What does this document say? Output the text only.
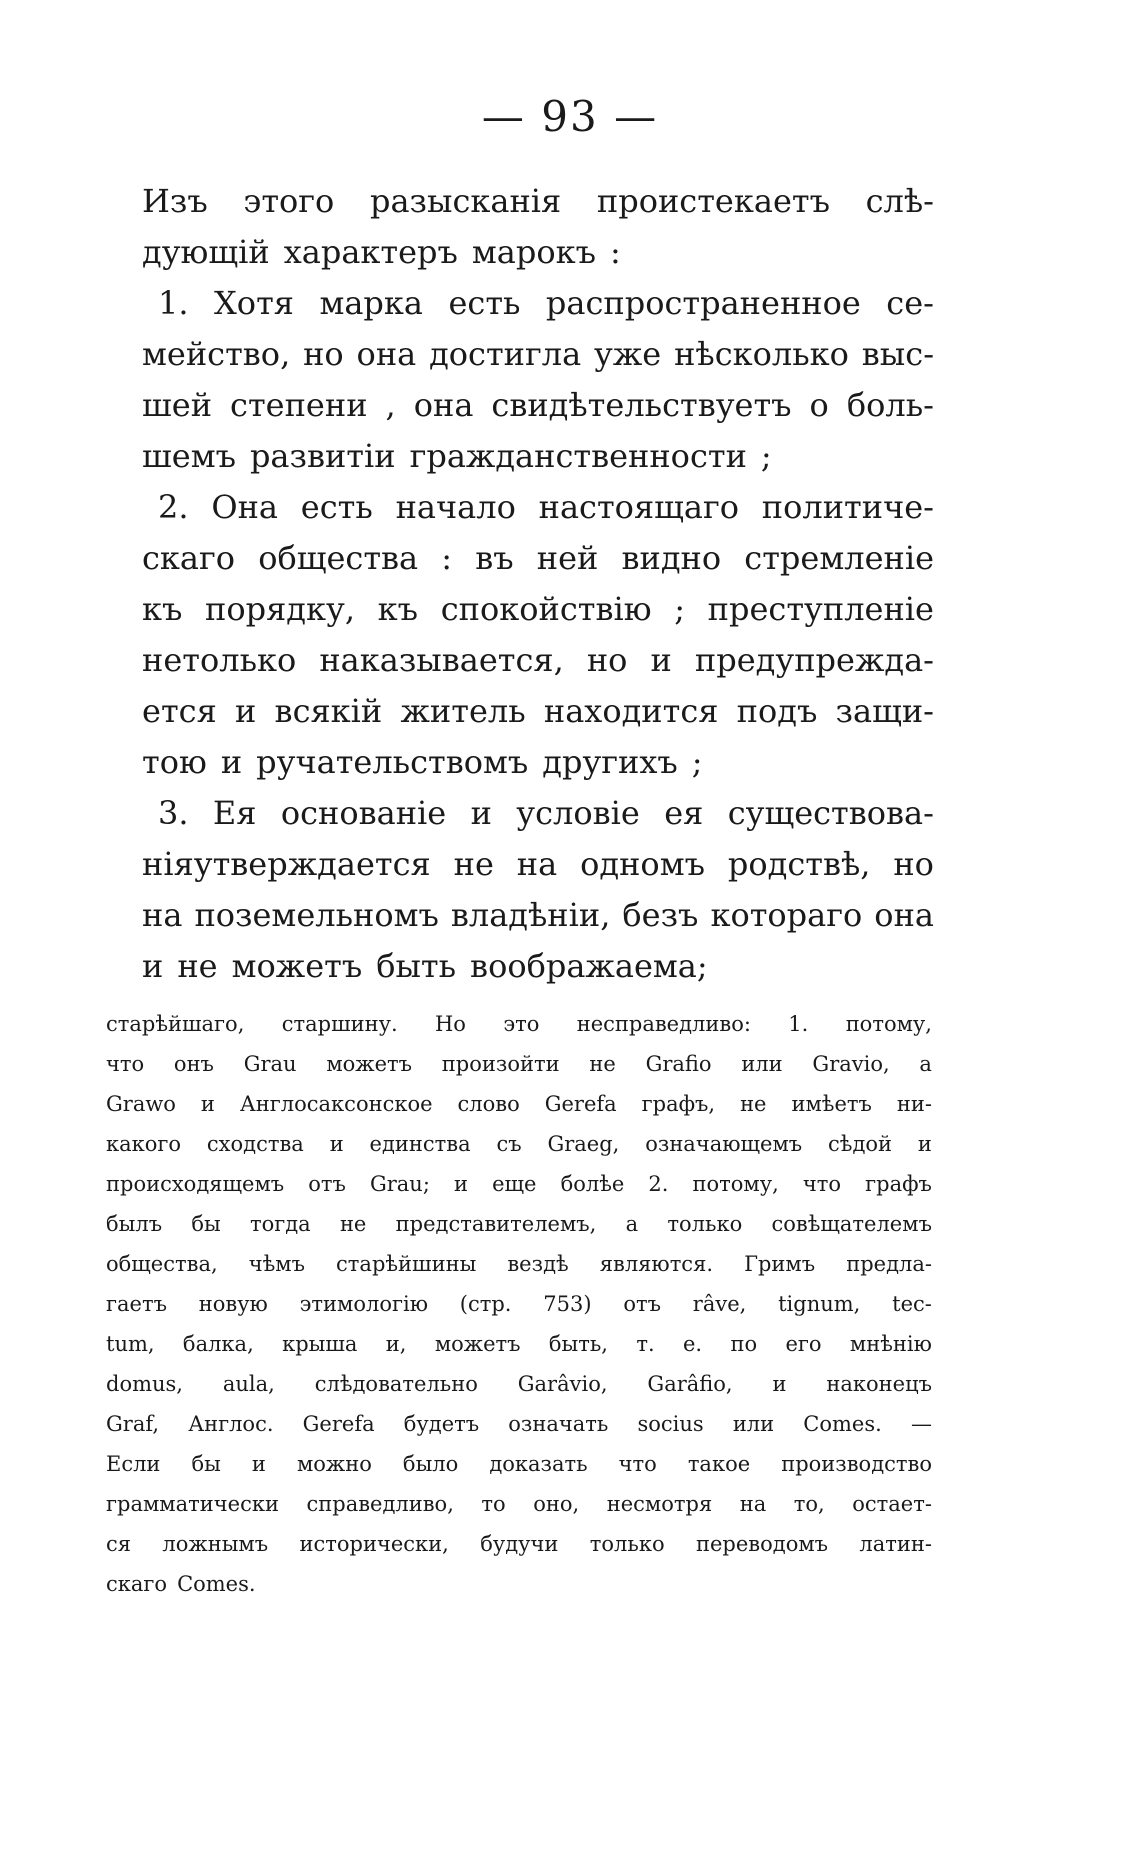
— 93 —
Изъ этого разысканія проистекаетъ слѣ-
дующій характеръ марокъ :
1. Хотя марка есть распространенное се-
мейство, но она достигла уже нѣсколько выс-
шей степени , она свидѣтельствуетъ о боль-
шемъ развитіи гражданственности ;
2. Она есть начало настоящаго политиче-
скаго общества : въ ней видно стремленіе
къ порядку, къ спокойствію ; преступленіе
нетолько наказывается, но и предупрежда-
ется и всякій житель находится подъ защи-
тою и ручательствомъ другихъ ;
3. Ея основаніе и условіе ея существова-
ніяутверждается не на одномъ родствѣ, но
на поземельномъ владѣніи, безъ котораго она
и не можетъ быть воображаема;
старѣйшаго, старшину. Но это несправедливо: 1. потому,
что онъ Grau можетъ произойти не Grafio или Gravio, а
Grawo и Англосаксонское слово Gerefa графъ, не имѣетъ ни-
какого сходства и единства съ Graeg, означающемъ сѣдой и
происходящемъ отъ Grau; и еще болѣе 2. потому, что графъ
былъ бы тогда не представителемъ, а только совѣщателемъ
общества, чѣмъ старѣйшины вездѣ являются. Гримъ предла-
гаетъ новую этимологію (стр. 753) отъ râve, tignum, tec-
tum, балка, крыша и, можетъ быть, т. е. по его мнѣнію
domus, aula, слѣдовательно Garâvio, Garâfio, и наконецъ
Graf, Англос. Gerefa будетъ означать socius или Comes. —
Если бы и можно было доказать что такое производство
грамматически справедливо, то оно, несмотря на то, остает-
ся ложнымъ исторически, будучи только переводомъ латин-
скаго Comes.
